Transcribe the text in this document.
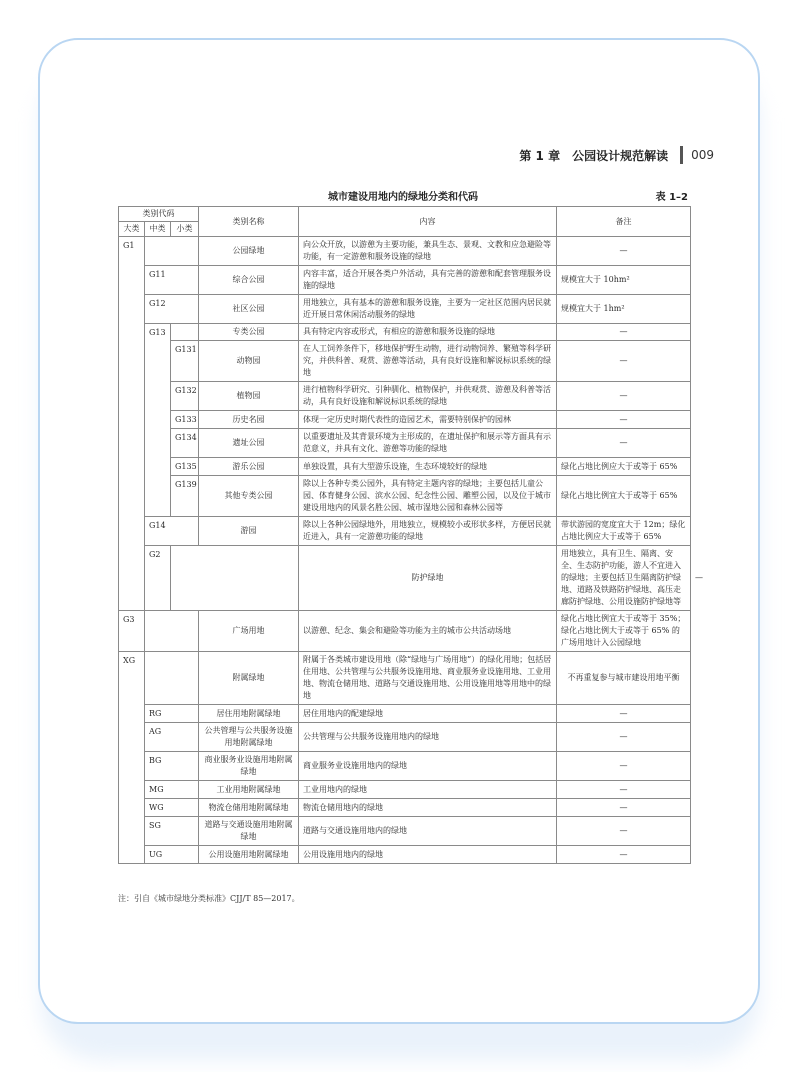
第 1 章　公园设计规范解读 009
城市建设用地内的绿地分类和代码	表 1–2
类别代码			类别名称	内容	备注	
大类	中类	小类				
G1			公园绿地	向公众开放，以游憩为主要功能，兼具生态、景观、文教和应急避险等功能，有一定游憩和服务设施的绿地	—	
	G11		综合公园	内容丰富，适合开展各类户外活动，具有完善的游憩和配套管理服务设施的绿地	规模宜大于 10hm²	
	G12		社区公园	用地独立，具有基本的游憩和服务设施，主要为一定社区范围内居民就近开展日常休闲活动服务的绿地	规模宜大于 1hm²	
	G13		专类公园	具有特定内容或形式，有相应的游憩和服务设施的绿地	—	
		G131	动物园	在人工饲养条件下，移地保护野生动物，进行动物饲养、繁殖等科学研究，并供科普、观赏、游憩等活动，具有良好设施和解说标识系统的绿地	—	
		G132	植物园	进行植物科学研究、引种驯化、植物保护，并供观赏、游憩及科普等活动，具有良好设施和解说标识系统的绿地	—	
		G133	历史名园	体现一定历史时期代表性的造园艺术，需要特别保护的园林	—	
		G134	遗址公园	以重要遗址及其背景环境为主形成的，在遗址保护和展示等方面具有示范意义，并具有文化、游憩等功能的绿地	—	
		G135	游乐公园	单独设置，具有大型游乐设施，生态环境较好的绿地	绿化占地比例应大于或等于 65%	
		G139	其他专类公园	除以上各种专类公园外，具有特定主题内容的绿地；主要包括儿童公园、体育健身公园、滨水公园、纪念性公园、雕塑公园，以及位于城市建设用地内的风景名胜公园、城市湿地公园和森林公园等	绿化占地比例宜大于或等于 65%	
	G14		游园	除以上各种公园绿地外，用地独立，规模较小或形状多样，方便居民就近进入，具有一定游憩功能的绿地	带状游园的宽度宜大于 12m；绿化占地比例应大于或等于 65%	
	G2			防护绿地	用地独立，具有卫生、隔离、安全、生态防护功能，游人不宜进入的绿地；主要包括卫生隔离防护绿地、道路及铁路防护绿地、高压走廊防护绿地、公用设施防护绿地等	
G3			广场用地	以游憩、纪念、集会和避险等功能为主的城市公共活动场地	绿化占地比例宜大于或等于 35%；绿化占地比例大于或等于 65% 的广场用地计入公园绿地	
XG			附属绿地	附属于各类城市建设用地（除“绿地与广场用地”）的绿化用地；包括居住用地、公共管理与公共服务设施用地、商业服务业设施用地、工业用地、物流仓储用地、道路与交通设施用地、公用设施用地等用地中的绿地	不再重复参与城市建设用地平衡	
	RG		居住用地附属绿地	居住用地内的配建绿地	—	
	AG		公共管理与公共服务设施用地附属绿地	公共管理与公共服务设施用地内的绿地	—	
	BG		商业服务业设施用地附属绿地	商业服务业设施用地内的绿地	—	
	MG		工业用地附属绿地	工业用地内的绿地	—	
	WG		物流仓储用地附属绿地	物流仓储用地内的绿地	—	
	SG		道路与交通设施用地附属绿地	道路与交通设施用地内的绿地	—	
	UG		公用设施用地附属绿地	公用设施用地内的绿地	—	
注：引自《城市绿地分类标准》CJJ/T 85—2017。
